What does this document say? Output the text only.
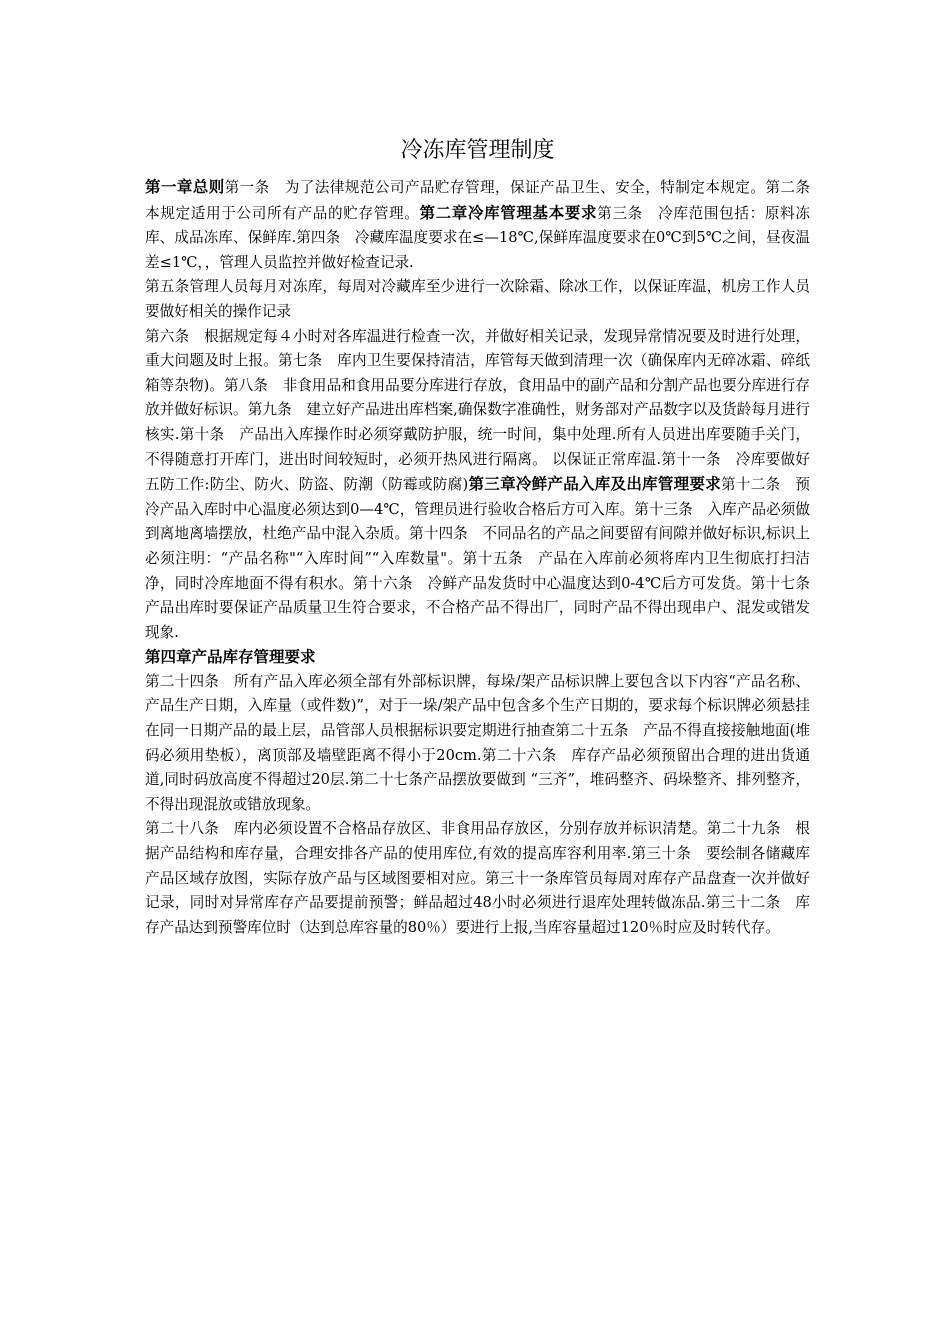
冷冻库管理制度

第一章总则第一条　为了法律规范公司产品贮存管理，保证产品卫生、安全，特制定本规定。第二条　本规定适用于公司所有产品的贮存管理。第二章冷库管理基本要求第三条　冷库范围包括：原料冻库、成品冻库、保鲜库.第四条　冷藏库温度要求在≤—18℃,保鲜库温度要求在0℃到5℃之间，昼夜温差≤1℃，，管理人员监控并做好检查记录.

第五条管理人员每月对冻库，每周对冷藏库至少进行一次除霜、除冰工作，以保证库温，机房工作人员要做好相关的操作记录

第六条　根据规定每４小时对各库温进行检查一次，并做好相关记录，发现异常情况要及时进行处理，重大问题及时上报。第七条　库内卫生要保持清洁，库管每天做到清理一次（确保库内无碎冰霜、碎纸箱等杂物)。第八条　非食用品和食用品要分库进行存放，食用品中的副产品和分割产品也要分库进行存放并做好标识。第九条　建立好产品进出库档案,确保数字准确性，财务部对产品数字以及货龄每月进行核实.第十条　产品出入库操作时必须穿戴防护服，统一时间，集中处理.所有人员进出库要随手关门，不得随意打开库门，进出时间较短时，必须开热风进行隔离。 以保证正常库温.第十一条　冷库要做好五防工作:防尘、防火、防盗、防潮（防霉或防腐)第三章冷鲜产品入库及出库管理要求第十二条　预冷产品入库时中心温度必须达到0—4℃，管理员进行验收合格后方可入库。第十三条　入库产品必须做到离地离墙摆放，杜绝产品中混入杂质。第十四条　不同品名的产品之间要留有间隙并做好标识,标识上必须注明：“产品名称"“入库时间”“入库数量"。第十五条　产品在入库前必须将库内卫生彻底打扫洁净，同时冷库地面不得有积水。第十六条　冷鲜产品发货时中心温度达到0-4℃后方可发货。第十七条　产品出库时要保证产品质量卫生符合要求，不合格产品不得出厂，同时产品不得出现串户、混发或错发现象.

第四章产品库存管理要求

第二十四条　所有产品入库必须全部有外部标识牌，每垛/架产品标识牌上要包含以下内容“产品名称、产品生产日期，入库量（或件数)”，对于一垛/架产品中包含多个生产日期的，要求每个标识牌必须悬挂在同一日期产品的最上层，品管部人员根据标识要定期进行抽查第二十五条　产品不得直接接触地面(堆码必须用垫板），离顶部及墙壁距离不得小于20cm.第二十六条　库存产品必须预留出合理的进出货通道,同时码放高度不得超过20层.第二十七条产品摆放要做到 “三齐”，堆码整齐、码垛整齐、排列整齐，不得出现混放或错放现象。

第二十八条　库内必须设置不合格品存放区、非食用品存放区，分别存放并标识清楚。第二十九条　根据产品结构和库存量，合理安排各产品的使用库位,有效的提高库容利用率.第三十条　要绘制各储藏库产品区域存放图，实际存放产品与区域图要相对应。第三十一条库管员每周对库存产品盘查一次并做好记录，同时对异常库存产品要提前预警；鲜品超过48小时必须进行退库处理转做冻品.第三十二条　库存产品达到预警库位时（达到总库容量的80％）要进行上报,当库容量超过120％时应及时转代存。
